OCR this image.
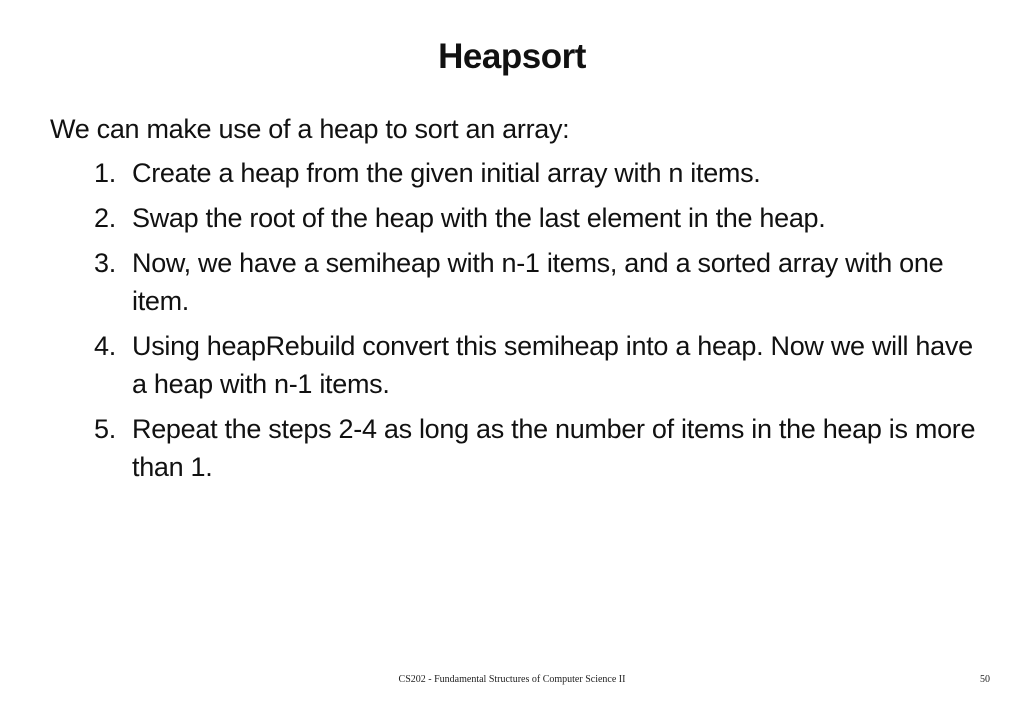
Heapsort
We can make use of a heap to sort an array:
1. Create a heap from the given initial array with n items.
2. Swap the root of the heap with the last element in the heap.
3. Now, we have a semiheap with n-1 items, and a sorted array with one item.
4. Using heapRebuild convert this semiheap into a heap. Now we will have a heap with n-1 items.
5. Repeat the steps 2-4 as long as the number of items in the heap is more than 1.
CS202 - Fundamental Structures of Computer Science II	50
